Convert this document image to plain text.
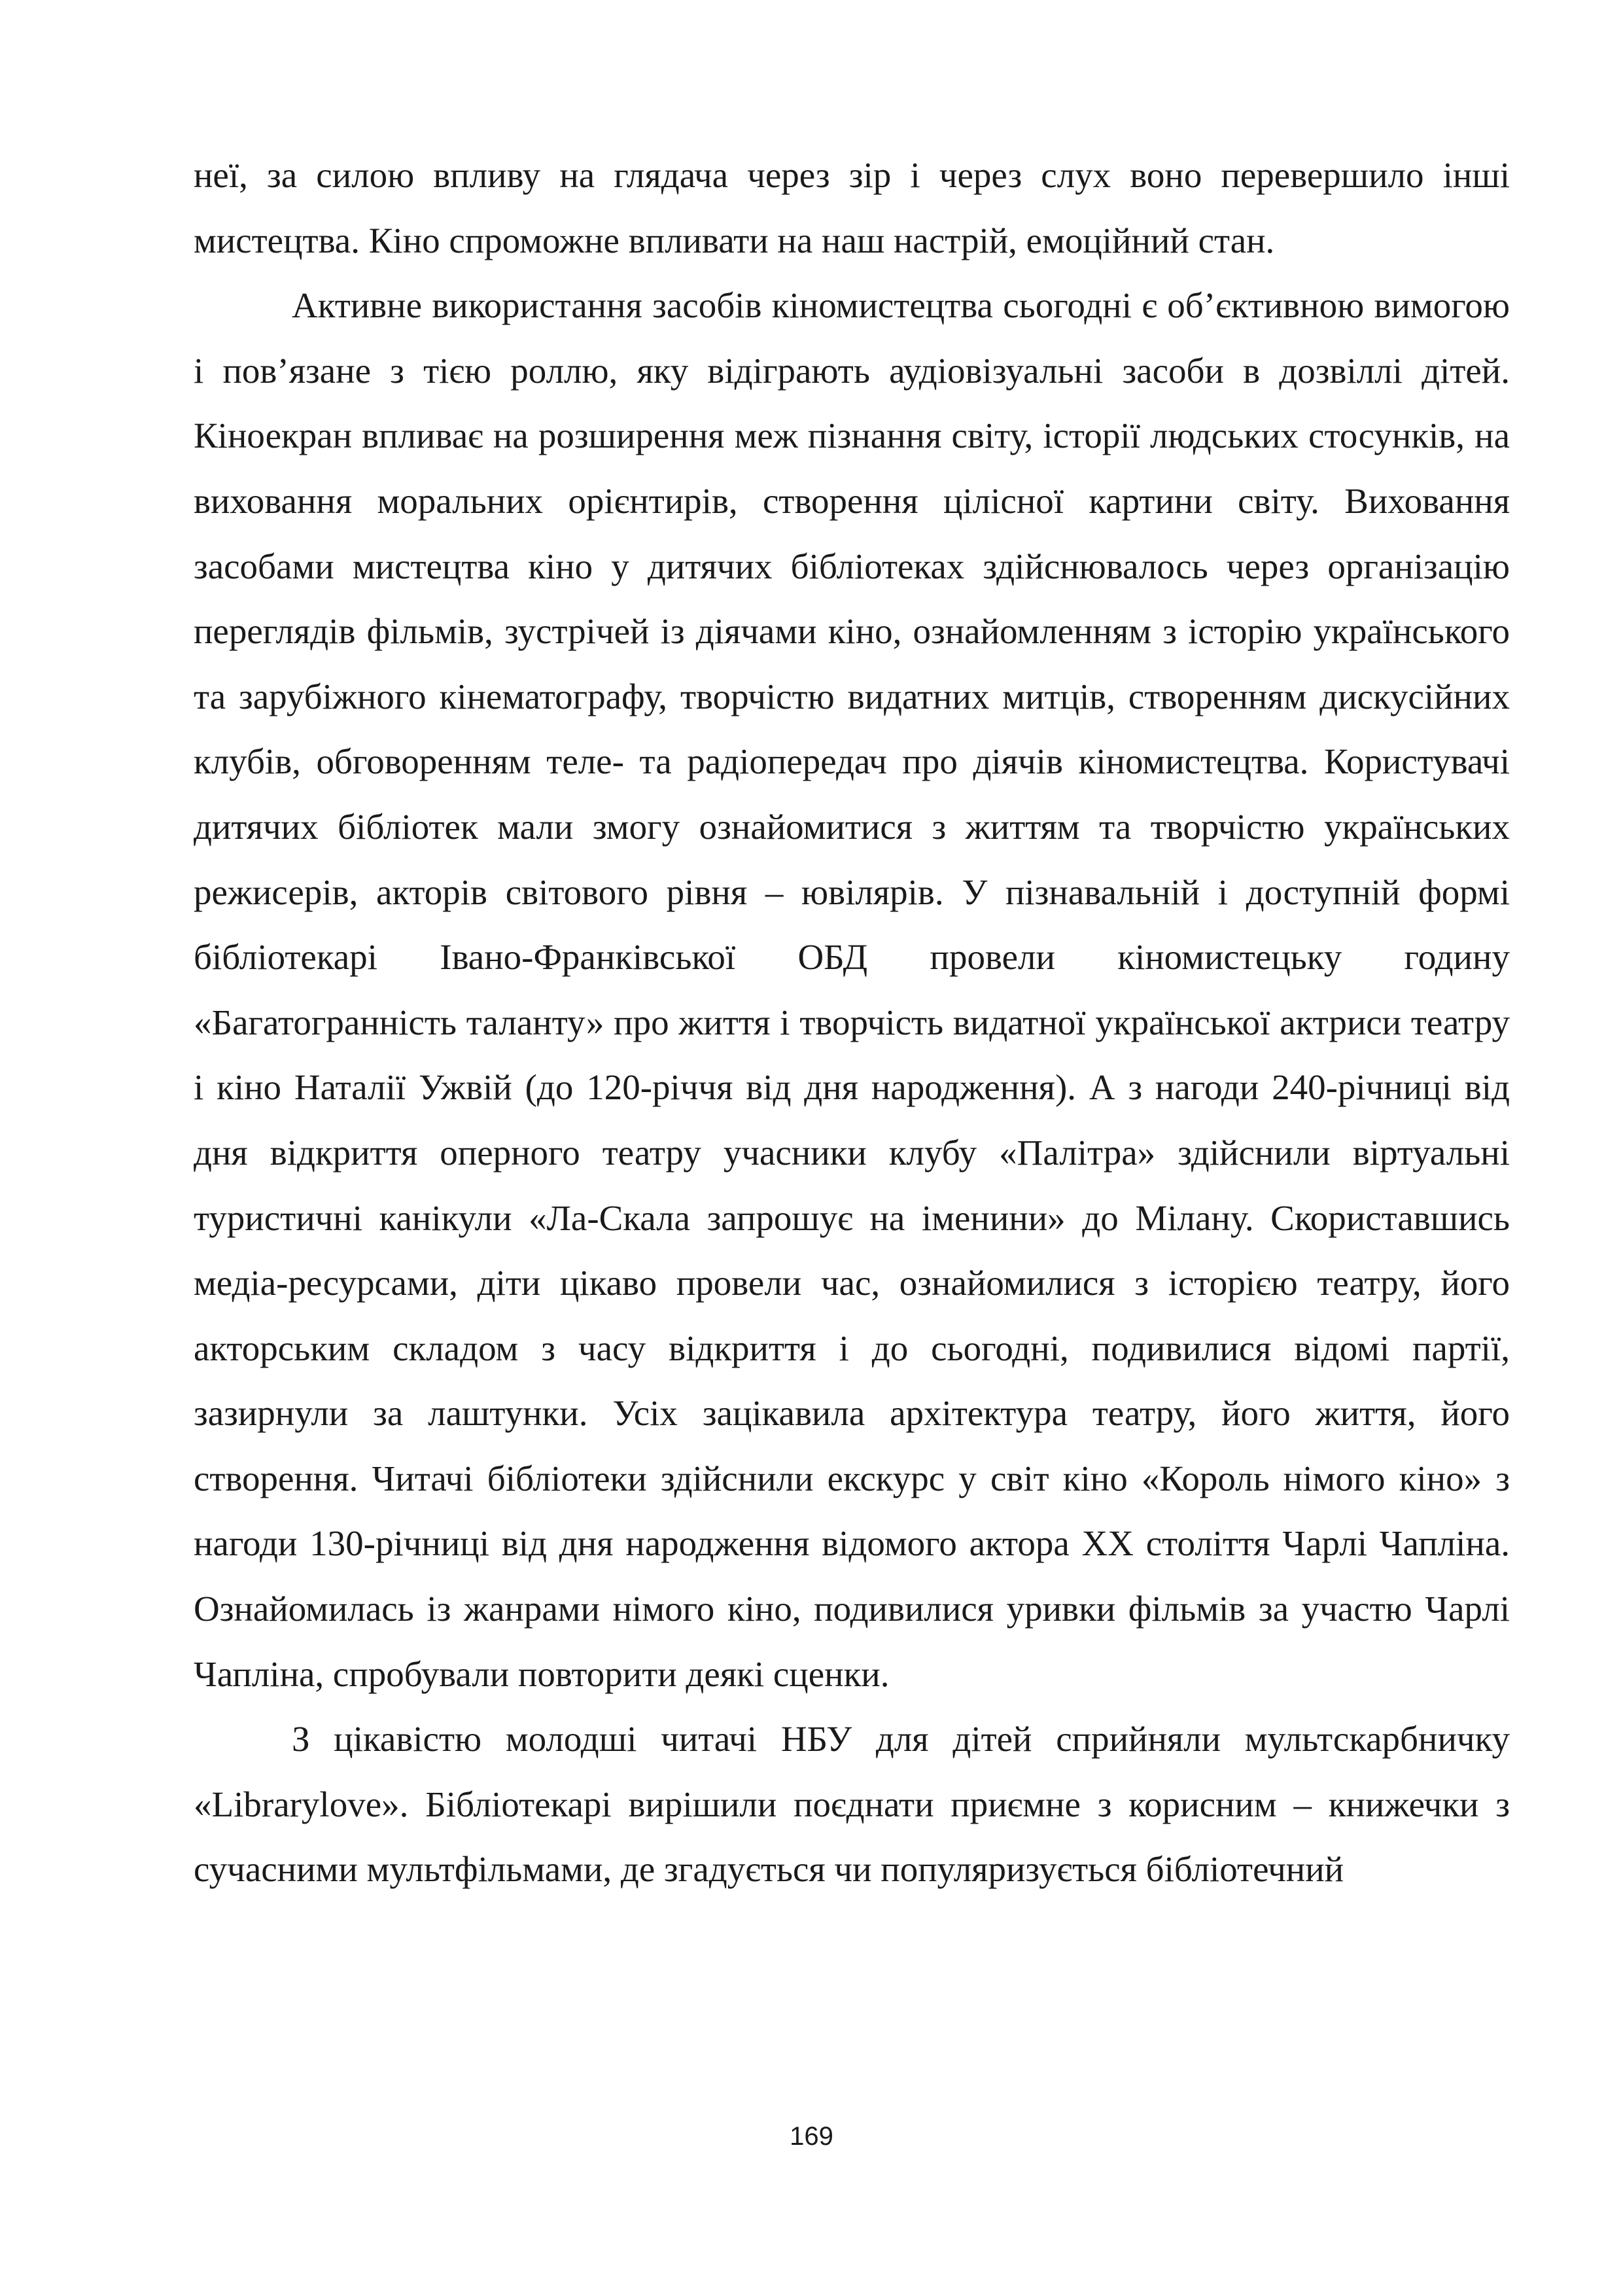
неї, за силою впливу на глядача через зір і через слух воно перевершило інші мистецтва. Кіно спроможне впливати на наш настрій, емоційний стан.

Активне використання засобів кіномистецтва сьогодні є об’єктивною вимогою і пов’язане з тією роллю, яку відіграють аудіовізуальні засоби в дозвіллі дітей. Кіноекран впливає на розширення меж пізнання світу, історії людських стосунків, на виховання моральних орієнтирів, створення цілісної картини світу. Виховання засобами мистецтва кіно у дитячих бібліотеках здійснювалось через організацію переглядів фільмів, зустрічей із діячами кіно, ознайомленням з історію українського та зарубіжного кінематографу, творчістю видатних митців, створенням дискусійних клубів, обговоренням теле- та радіопередач про діячів кіномистецтва. Користувачі дитячих бібліотек мали змогу ознайомитися з життям та творчістю українських режисерів, акторів світового рівня – ювілярів. У пізнавальній і доступній формі бібліотекарі Івано-Франківської ОБД провели кіномистецьку годину «Багатогранність таланту» про життя і творчість видатної української актриси театру і кіно Наталії Ужвій (до 120-річчя від дня народження). А з нагоди 240-річниці від дня відкриття оперного театру учасники клубу «Палітра» здійснили віртуальні туристичні канікули «Ла-Скала запрошує на іменини» до Мілану. Скориставшись медіа-ресурсами, діти цікаво провели час, ознайомилися з історією театру, його акторським складом з часу відкриття і до сьогодні, подивилися відомі партії, зазирнули за лаштунки. Усіх зацікавила архітектура театру, його життя, його створення. Читачі бібліотеки здійснили екскурс у світ кіно «Король німого кіно» з нагоди 130-річниці від дня народження відомого актора ХХ століття Чарлі Чапліна. Ознайомилась із жанрами німого кіно, подивилися уривки фільмів за участю Чарлі Чапліна, спробували повторити деякі сценки.

З цікавістю молодші читачі НБУ для дітей сприйняли мультскарбничку «Librarylove». Бібліотекарі вирішили поєднати приємне з корисним – книжечки з сучасними мультфільмами, де згадується чи популяризується бібліотечний

169
